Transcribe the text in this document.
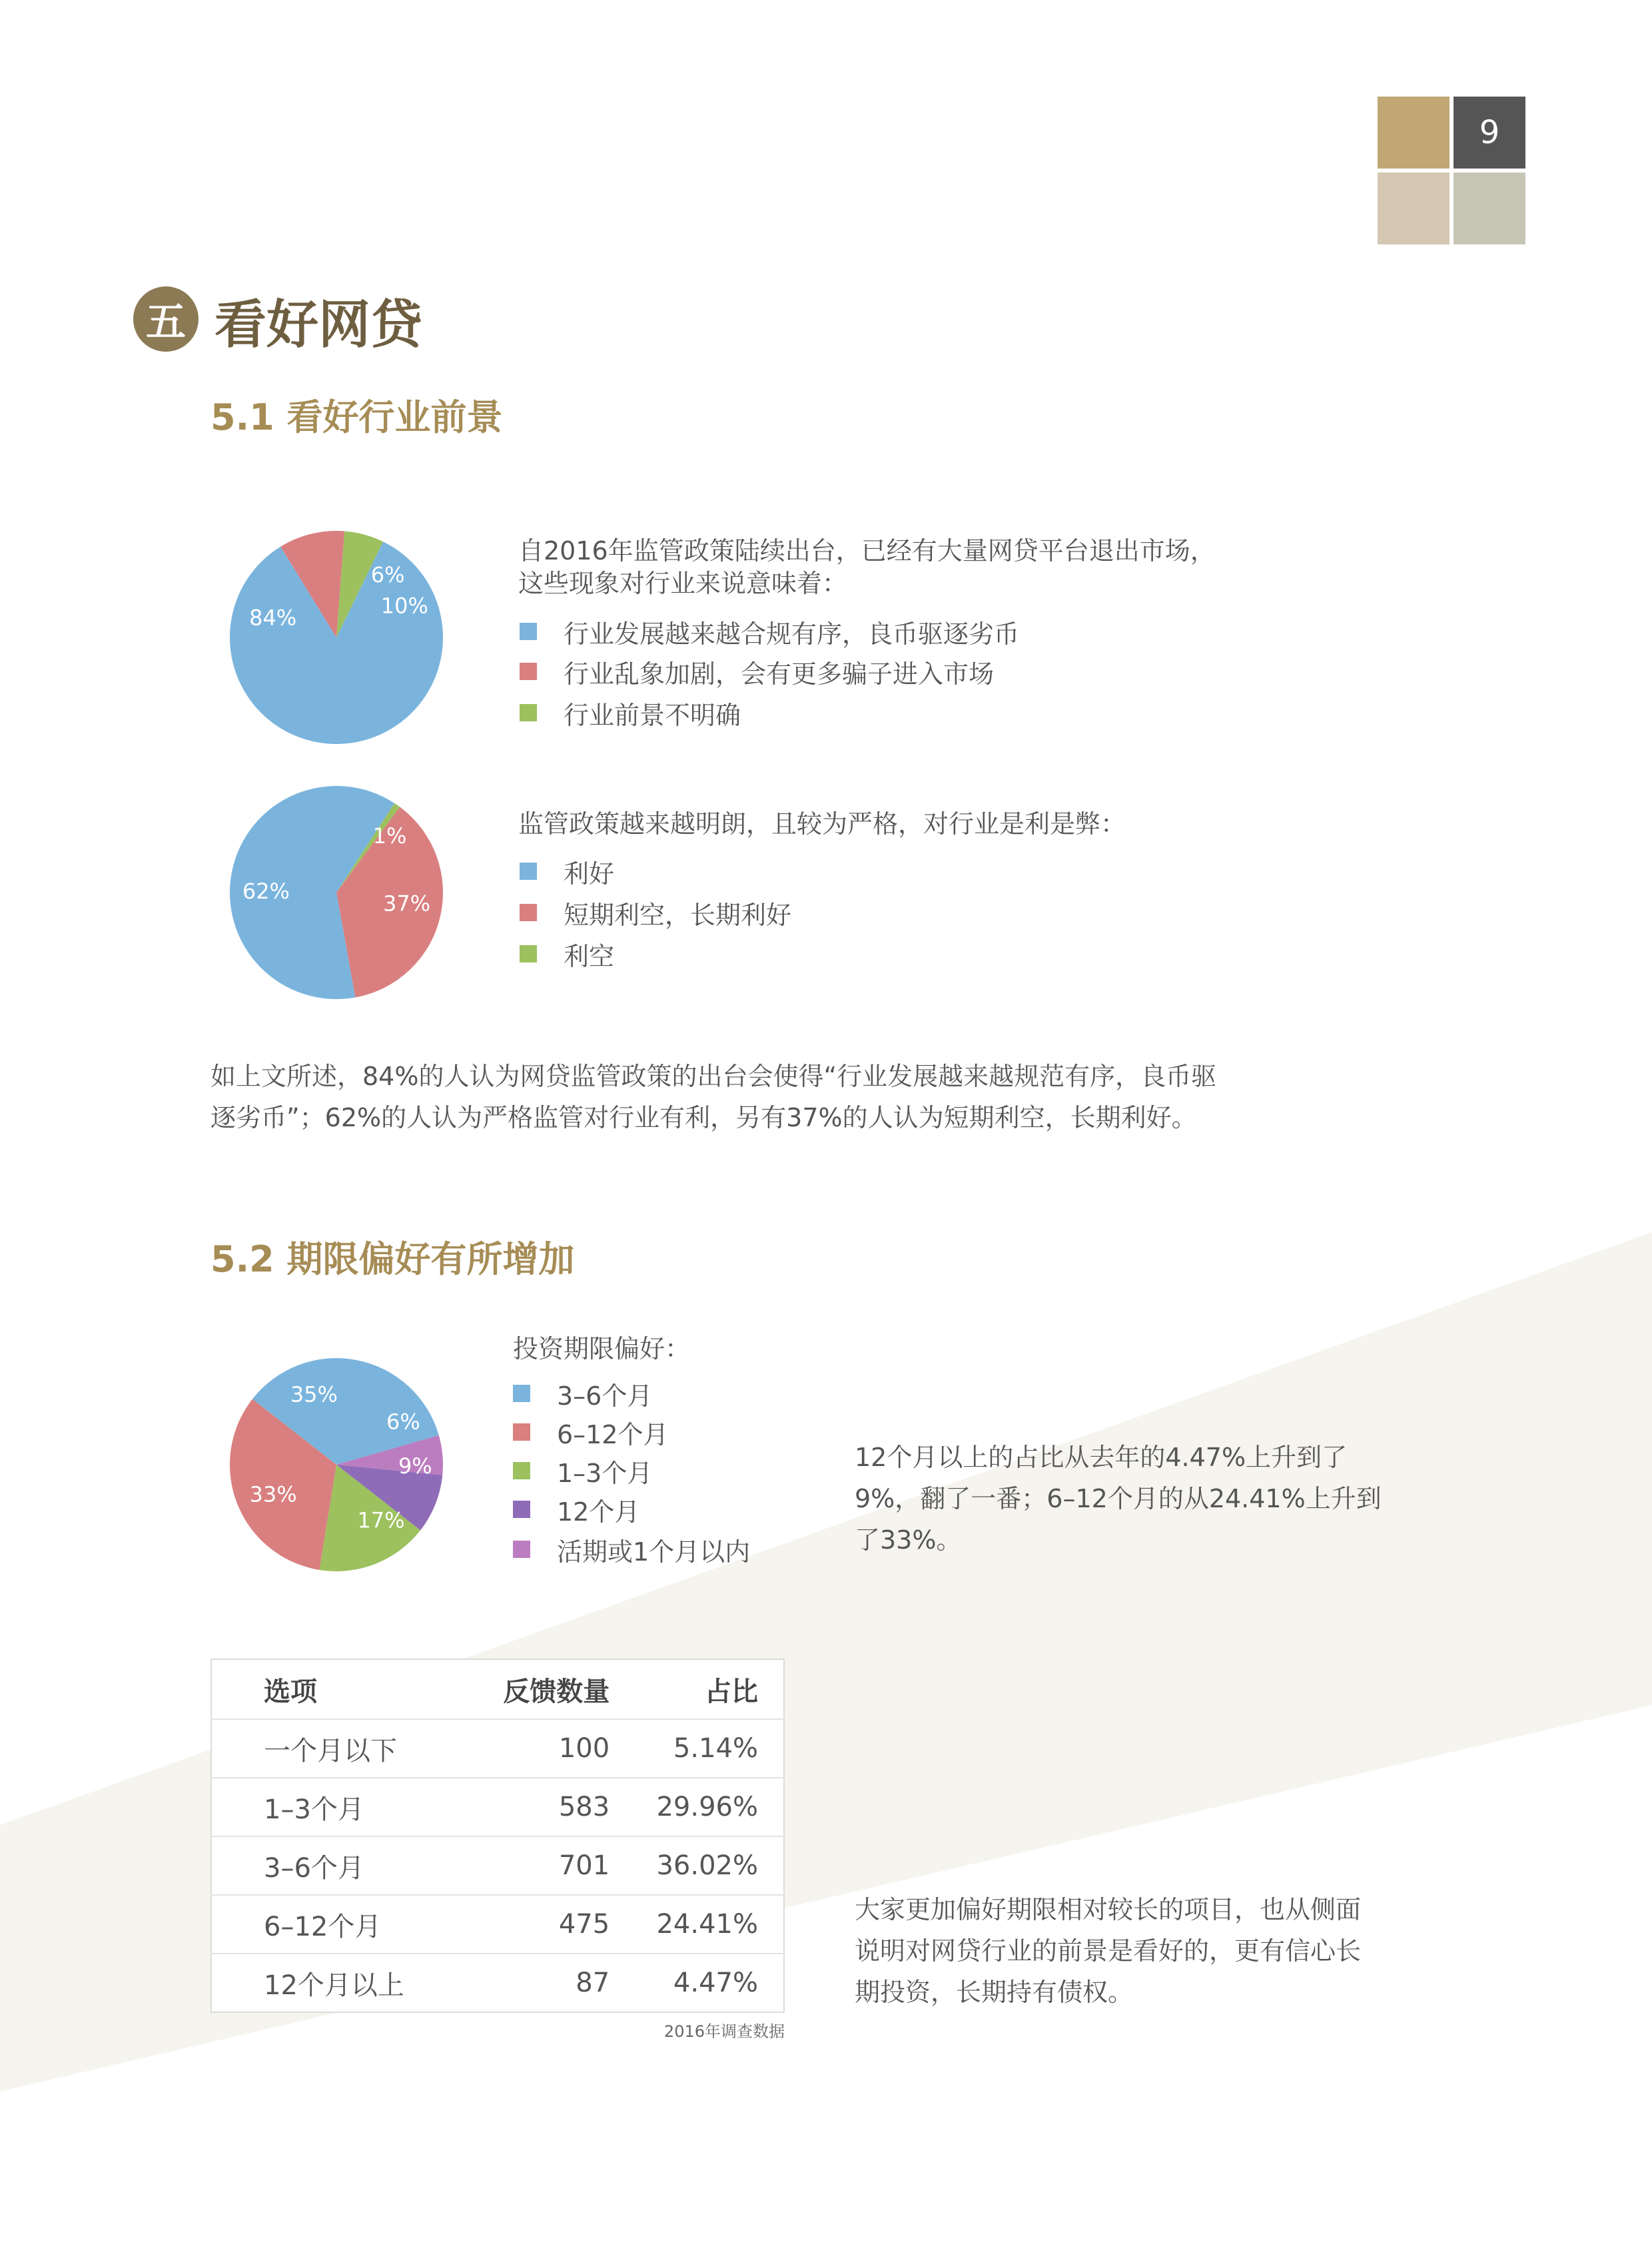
9
五 看好网贷
5.1 看好行业前景
84%	10%
6%
自2016年监管政策陆续出台，已经有大量网贷平台退出市场，
这些现象对行业来说意味着：
行业发展越来越合规有序，良币驱逐劣币
行业乱象加剧，会有更多骗子进入市场
行业前景不明确
1%
37%
62%
监管政策越来越明朗，且较为严格，对行业是利是弊：
利好
短期利空，长期利好
利空
如上文所述，84%的人认为网贷监管政策的出台会使得“行业发展越来越规范有序，良币驱
逐劣币”；62%的人认为严格监管对行业有利，另有37%的人认为短期利空，长期利好。
5.2 期限偏好有所增加
投资期限偏好：
35%
6%
9%
17%
33%
3–6个月
6–12个月
1–3个月
12个月
活期或1个月以内
12个月以上的占比从去年的4.47%上升到了
9%，翻了一番；6–12个月的从24.41%上升到
了33%。
选项	反馈数量	占比
一个月以下	100	5.14%
1–3个月	583	29.96%
3–6个月	701	36.02%
6–12个月	475	24.41%
12个月以上	87	4.47%
2016年调查数据
大家更加偏好期限相对较长的项目，也从侧面
说明对网贷行业的前景是看好的，更有信心长
期投资，长期持有债权。
